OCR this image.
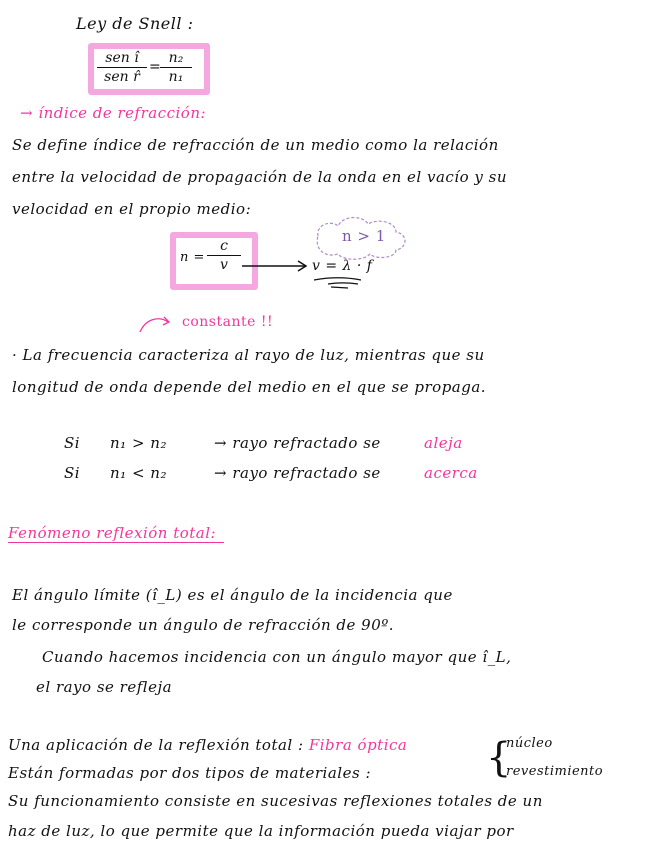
Ley de Snell :
sen î
sen r̂
=
$\frac{\text{n₂}}{\text{n₁}}$
→ índice de refracción:
Se define índice de refracción de un medio como la relación
entre la velocidad de propagación de la onda en el vacío y su
velocidad en el propio medio:
$n = \frac{c}{v}$
n > 1
v = λ · f
constante !!
· La frecuencia caracteriza al rayo de luz, mientras que su
longitud de onda depende del medio en el que se propaga.
Si n₁ > n₂	→ rayo refractado se	aleja
Si n₁ < n₂	→ rayo refractado se	acerca
Fenómeno reflexión total:
El ángulo límite (î_L) es el ángulo de la incidencia que
le corresponde un ángulo de refracción de 90º.
Cuando hacemos incidencia con un ángulo mayor que î_L,
el rayo se refleja
Una aplicación de la reflexión total : Fibra óptica
Están formadas por dos tipos de materiales :	{
núcleo
revestimiento
Su funcionamiento consiste en sucesivas reflexiones totales de un
haz de luz, lo que permite que la información pueda viajar por
